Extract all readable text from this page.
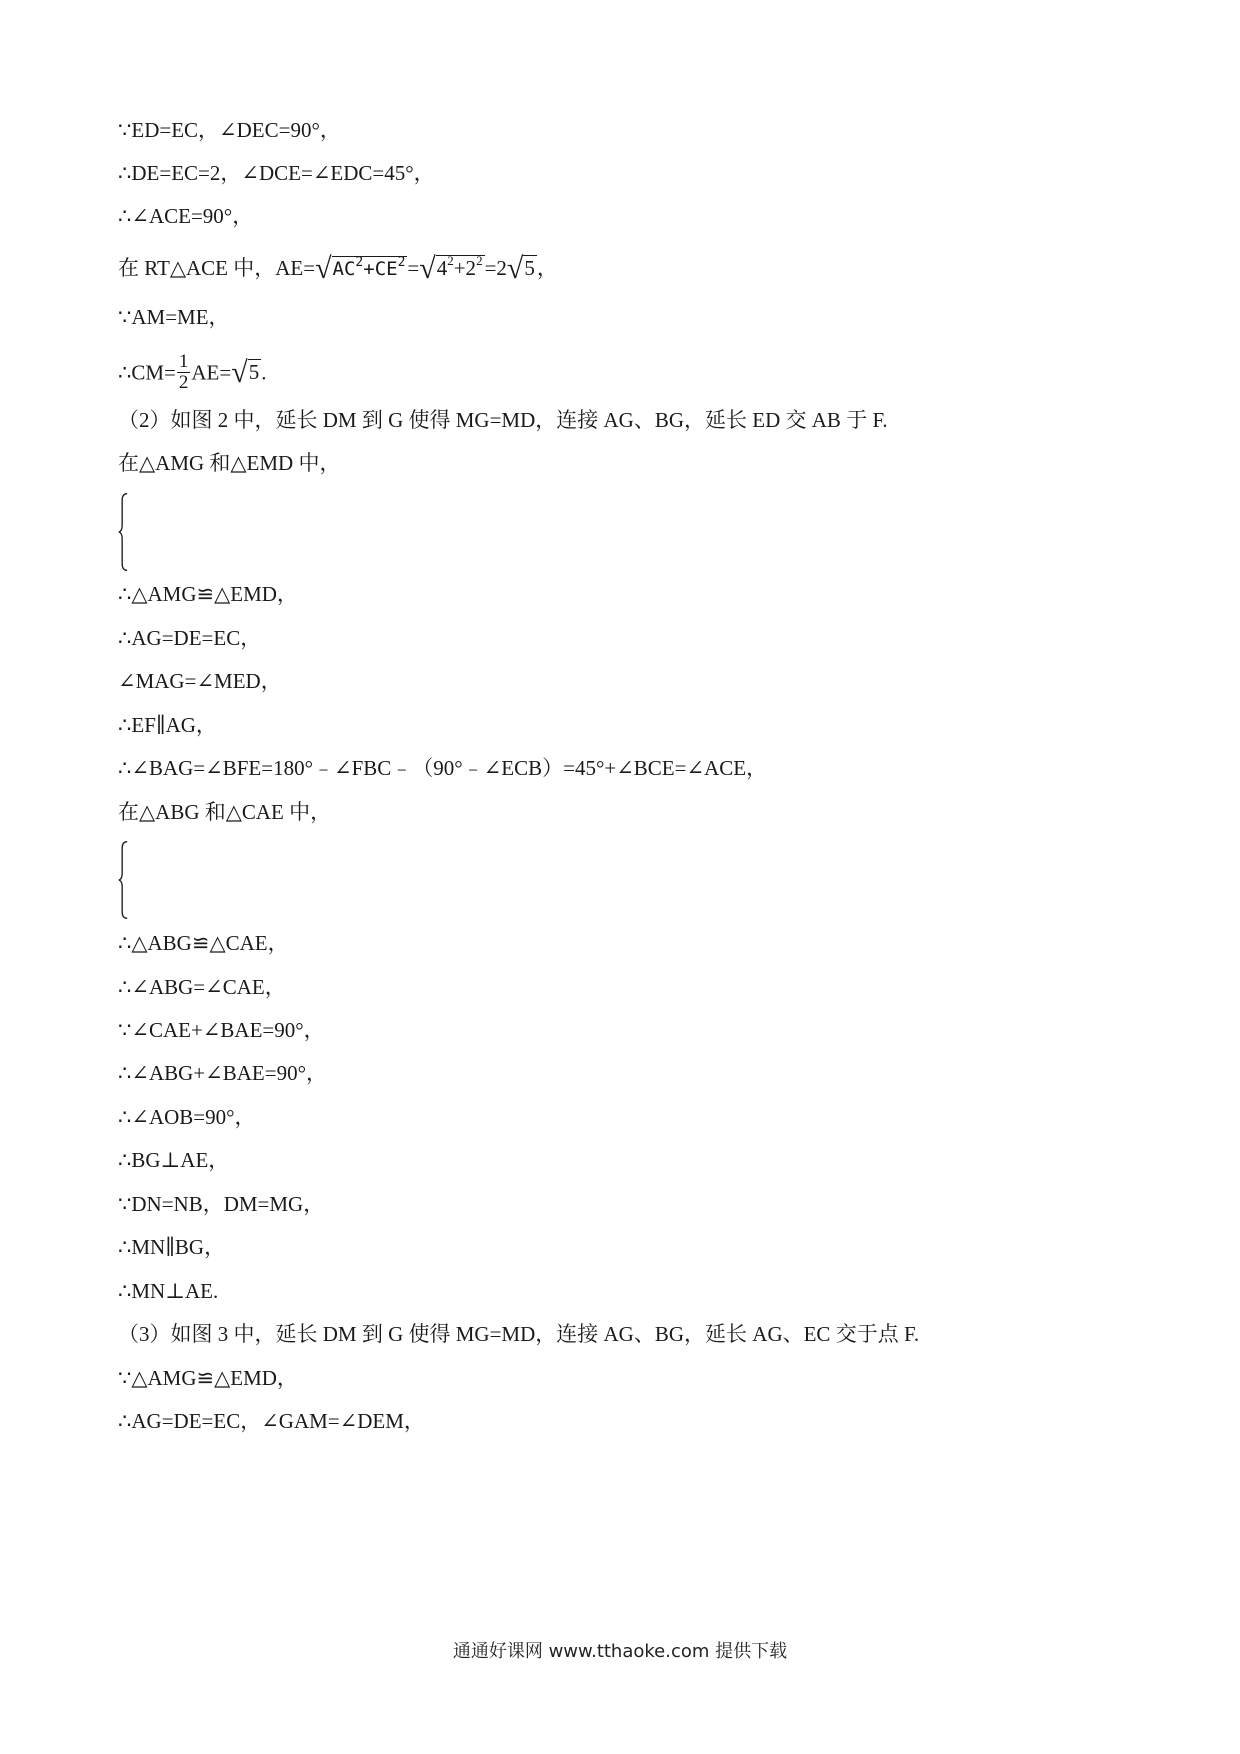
∵ED=EC，∠DEC=90°，
∴DE=EC=2，∠DCE=∠EDC=45°，
∴∠ACE=90°，
在 RT△ACE 中，$AE=√AC^2+CE^2=√4^2+2^2=2√5$，
∵AM=ME，
∴CM= $\frac{1}{2} AE=√5$.
（2）如图 2 中，延长 DM 到 G 使得 MG=MD，连接 AG、BG，延长 ED 交 AB 于 F.
在△AMG 和△EMD 中，
∴△AMG≌△EMD，
∴AG=DE=EC，
∠MAG=∠MED，
∴EF∥AG，
∴∠BAG=∠BFE=180°﹣∠FBC﹣（90°﹣∠ECB）=45°+∠BCE=∠ACE，
在△ABG 和△CAE 中，
∴△ABG≌△CAE，
∴∠ABG=∠CAE，
∵∠CAE+∠BAE=90°，
∴∠ABG+∠BAE=90°，
∴∠AOB=90°，
∴BG⊥AE，
∵DN=NB，DM=MG，
∴MN∥BG，
∴MN⊥AE.
（3）如图 3 中，延长 DM 到 G 使得 MG=MD，连接 AG、BG，延长 AG、EC 交于点 F.
∵△AMG≌△EMD，
∴AG=DE=EC，∠GAM=∠DEM，
通通好课网 www.tthaoke.com 提供下载
